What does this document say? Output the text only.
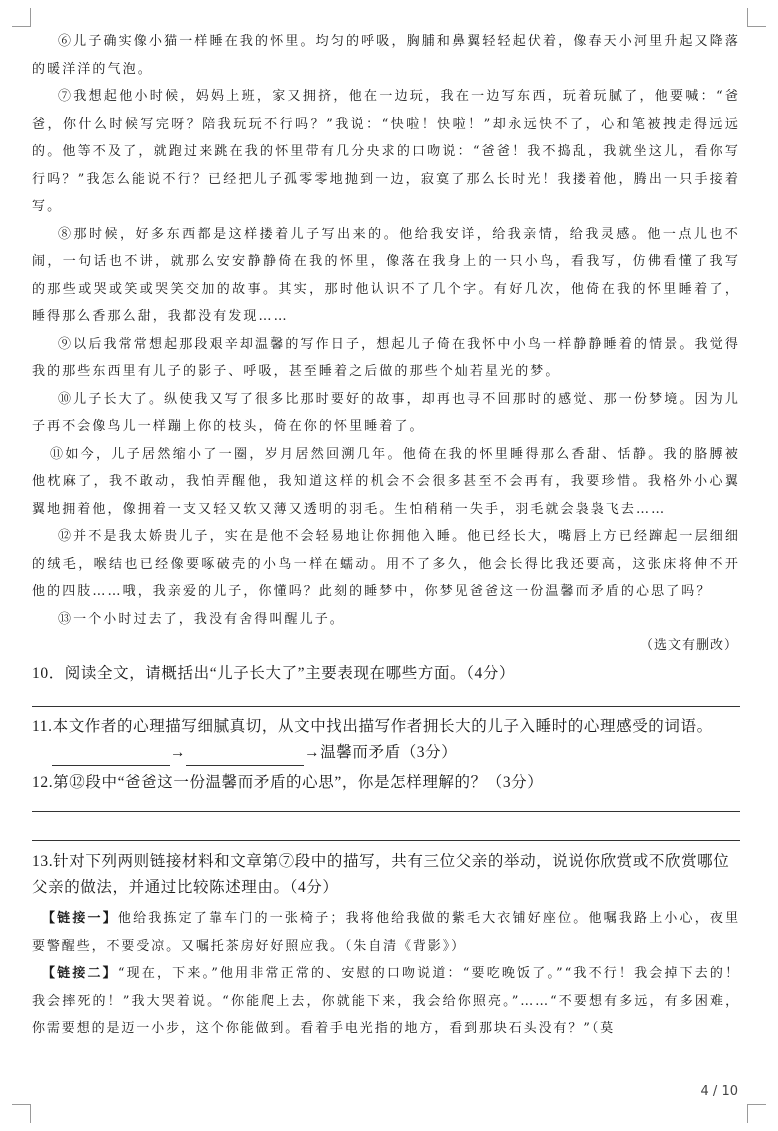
⑥儿子确实像小猫一样睡在我的怀里。均匀的呼吸，胸脯和鼻翼轻轻起伏着，像春天小河里升起又降落的暖洋洋的气泡。

⑦我想起他小时候，妈妈上班，家又拥挤，他在一边玩，我在一边写东西，玩着玩腻了，他要喊：“爸爸，你什么时候写完呀？陪我玩玩不行吗？”我说：“快啦！快啦！”却永远快不了，心和笔被拽走得远远的。他等不及了，就跑过来跳在我的怀里带有几分央求的口吻说：“爸爸！我不捣乱，我就坐这儿，看你写行吗？”我怎么能说不行？已经把儿子孤零零地抛到一边，寂寞了那么长时光！我搂着他，腾出一只手接着写。

⑧那时候，好多东西都是这样搂着儿子写出来的。他给我安详，给我亲情，给我灵感。他一点儿也不闹，一句话也不讲，就那么安安静静倚在我的怀里，像落在我身上的一只小鸟，看我写，仿佛看懂了我写的那些或哭或笑或哭笑交加的故事。其实，那时他认识不了几个字。有好几次，他倚在我的怀里睡着了，睡得那么香那么甜，我都没有发现……

⑨以后我常常想起那段艰辛却温馨的写作日子，想起儿子倚在我怀中小鸟一样静静睡着的情景。我觉得我的那些东西里有儿子的影子、呼吸，甚至睡着之后做的那些个灿若星光的梦。

⑩儿子长大了。纵使我又写了很多比那时要好的故事，却再也寻不回那时的感觉、那一份梦境。因为儿子再不会像鸟儿一样蹦上你的枝头，倚在你的怀里睡着了。

⑪如今，儿子居然缩小了一圈，岁月居然回溯几年。他倚在我的怀里睡得那么香甜、恬静。我的胳膊被他枕麻了，我不敢动，我怕弄醒他，我知道这样的机会不会很多甚至不会再有，我要珍惜。我格外小心翼翼地拥着他，像拥着一支又轻又软又薄又透明的羽毛。生怕稍稍一失手，羽毛就会袅袅飞去……

⑫并不是我太娇贵儿子，实在是他不会轻易地让你拥他入睡。他已经长大，嘴唇上方已经蹿起一层细细的绒毛，喉结也已经像要啄破壳的小鸟一样在蠕动。用不了多久，他会长得比我还要高，这张床将伸不开他的四肢……哦，我亲爱的儿子，你懂吗？此刻的睡梦中，你梦见爸爸这一份温馨而矛盾的心思了吗？

⑬一个小时过去了，我没有舍得叫醒儿子。

（选文有删改）

10．阅读全文，请概括出“儿子长大了”主要表现在哪些方面。（4分）

11.本文作者的心理描写细腻真切，从文中找出描写作者拥长大的儿子入睡时的心理感受的词语。

→	→温馨而矛盾（3分）

12.第⑫段中“爸爸这一份温馨而矛盾的心思”，你是怎样理解的？（3分）

13.针对下列两则链接材料和文章第⑦段中的描写，共有三位父亲的举动，说说你欣赏或不欣赏哪位父亲的做法，并通过比较陈述理由。（4分）

【链接一】他给我拣定了靠车门的一张椅子；我将他给我做的紫毛大衣铺好座位。他嘱我路上小心，夜里要警醒些，不要受凉。又嘱托茶房好好照应我。（朱自清《背影》）

【链接二】“现在，下来。”他用非常正常的、安慰的口吻说道：“要吃晚饭了。”“我不行！我会掉下去的！我会摔死的！”我大哭着说。“你能爬上去，你就能下来，我会给你照亮。”……“不要想有多远，有多困难，你需要想的是迈一小步，这个你能做到。看着手电光指的地方，看到那块石头没有？”（莫

4 / 10
